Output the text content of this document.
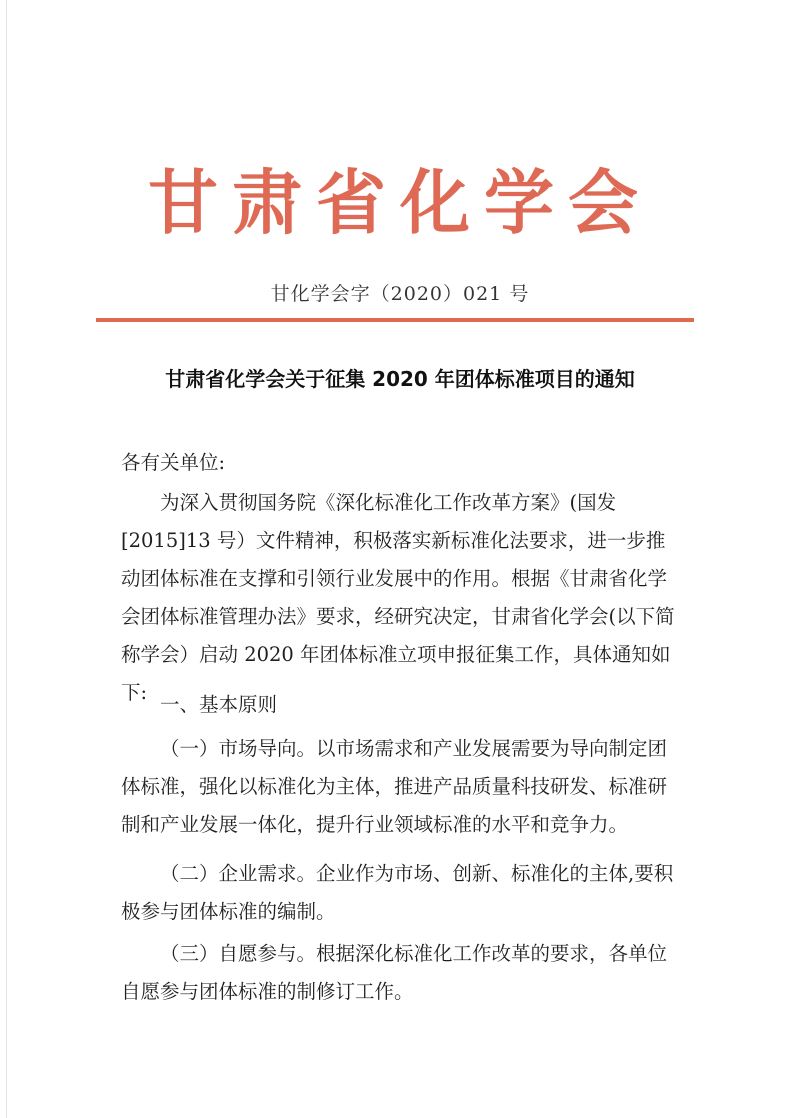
甘肃省化学会
甘化学会字（2020）021 号
甘肃省化学会关于征集 2020 年团体标准项目的通知
各有关单位:
为深入贯彻国务院《深化标准化工作改革方案》(国发[2015]13 号）文件精神，积极落实新标准化法要求，进一步推动团体标准在支撑和引领行业发展中的作用。根据《甘肃省化学会团体标准管理办法》要求，经研究决定，甘肃省化学会(以下简称学会）启动 2020 年团体标准立项申报征集工作，具体通知如下:
一、基本原则
（一）市场导向。以市场需求和产业发展需要为导向制定团体标准，强化以标准化为主体，推进产品质量科技研发、标准研制和产业发展一体化，提升行业领域标准的水平和竞争力。
（二）企业需求。企业作为市场、创新、标准化的主体,要积极参与团体标准的编制。
（三）自愿参与。根据深化标准化工作改革的要求，各单位自愿参与团体标准的制修订工作。
